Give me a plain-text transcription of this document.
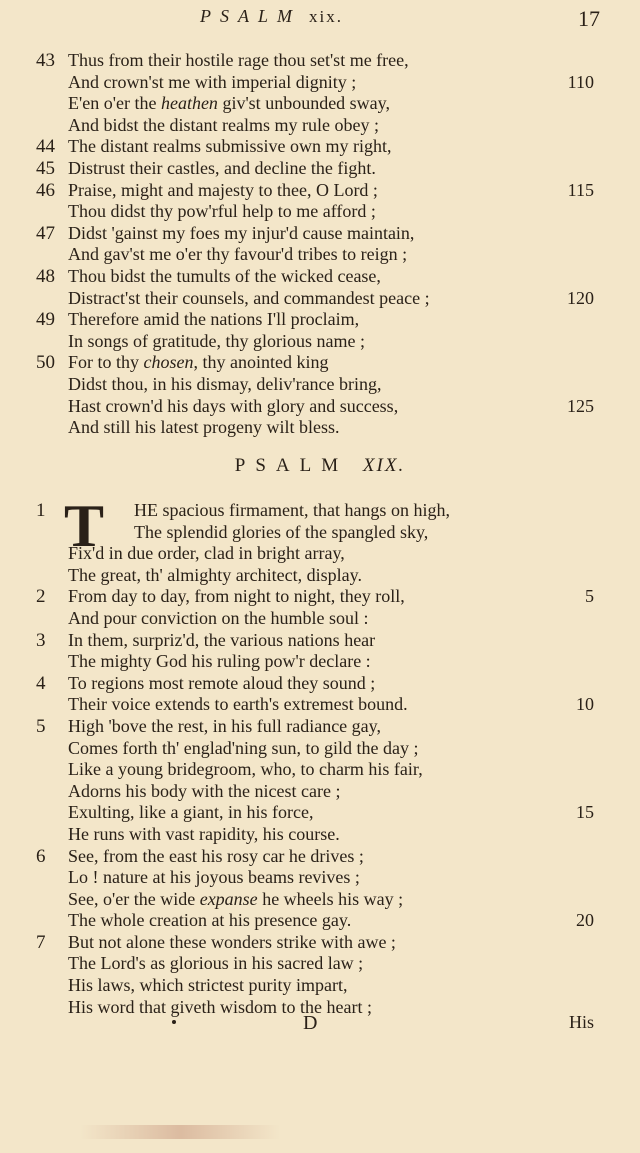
PSALM xix.	17
43 Thus from their hostile rage thou set'st me free,
And crown'st me with imperial dignity ;	110
E'en o'er the heathen giv'st unbounded sway,
And bidst the distant realms my rule obey ;
44 The distant realms submissive own my right,
45 Distrust their castles, and decline the fight.
46 Praise, might and majesty to thee, O Lord ;	115
Thou didst thy pow'rful help to me afford ;
47 Didst 'gainst my foes my injur'd cause maintain,
And gav'st me o'er thy favour'd tribes to reign ;
48 Thou bidst the tumults of the wicked cease,
Distract'st their counsels, and commandest peace ;	120
49 Therefore amid the nations I'll proclaim,
In songs of gratitude, thy glorious name ;
50 For to thy chosen, thy anointed king
Didst thou, in his dismay, deliv'rance bring,
Hast crown'd his days with glory and success,	125
And still his latest progeny wilt bless.
PSALM XIX.
T
1	HE spacious firmament, that hangs on high,
The splendid glories of the spangled sky,
Fix'd in due order, clad in bright array,
The great, th' almighty architect, display.
2	From day to day, from night to night, they roll,	5
And pour conviction on the humble soul :
3	In them, surpriz'd, the various nations hear
The mighty God his ruling pow'r declare :
4	To regions most remote aloud they sound ;
Their voice extends to earth's extremest bound.	10
5	High 'bove the rest, in his full radiance gay,
Comes forth th' englad'ning sun, to gild the day ;
Like a young bridegroom, who, to charm his fair,
Adorns his body with the nicest care ;
Exulting, like a giant, in his force,	15
He runs with vast rapidity, his course.
6	See, from the east his rosy car he drives ;
Lo ! nature at his joyous beams revives ;
See, o'er the wide expanse he wheels his way ;
The whole creation at his presence gay.	20
7	But not alone these wonders strike with awe ;
The Lord's as glorious in his sacred law ;
His laws, which strictest purity impart,
His word that giveth wisdom to the heart ;
D	His
